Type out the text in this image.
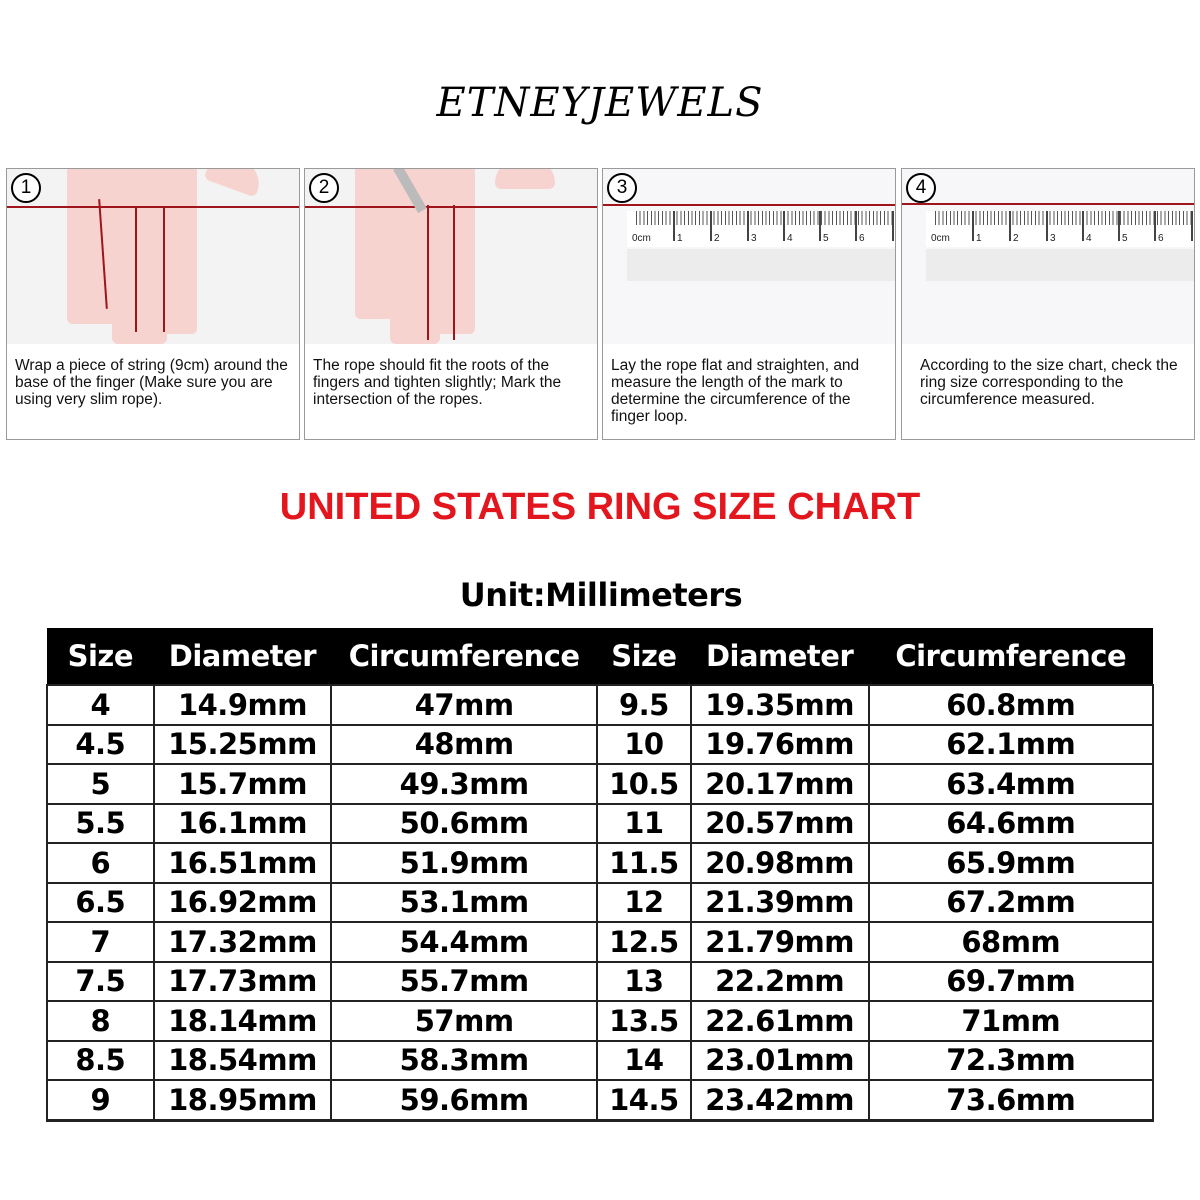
ETNEYJEWELS
1
Wrap a piece of string (9cm) around the base of the finger (Make sure you are using very slim rope).
2
The rope should fit the roots of the fingers and tighten slightly; Mark the intersection of the ropes.
0cm	1	2	3	4	5	6
3
Lay the rope flat and straighten, and measure the length of the mark to determine the circumference of the finger loop.
0cm	1	2	3	4	5	6
4
According to the size chart, check the ring size corresponding to the circumference measured.
UNITED STATES RING SIZE CHART
Unit:Millimeters
Size	Diameter	Circumference	Size	Diameter	Circumference
4	14.9mm	47mm	9.5	19.35mm	60.8mm
4.5	15.25mm	48mm	10	19.76mm	62.1mm
5	15.7mm	49.3mm	10.5	20.17mm	63.4mm
5.5	16.1mm	50.6mm	11	20.57mm	64.6mm
6	16.51mm	51.9mm	11.5	20.98mm	65.9mm
6.5	16.92mm	53.1mm	12	21.39mm	67.2mm
7	17.32mm	54.4mm	12.5	21.79mm	68mm
7.5	17.73mm	55.7mm	13	22.2mm	69.7mm
8	18.14mm	57mm	13.5	22.61mm	71mm
8.5	18.54mm	58.3mm	14	23.01mm	72.3mm
9	18.95mm	59.6mm	14.5	23.42mm	73.6mm
